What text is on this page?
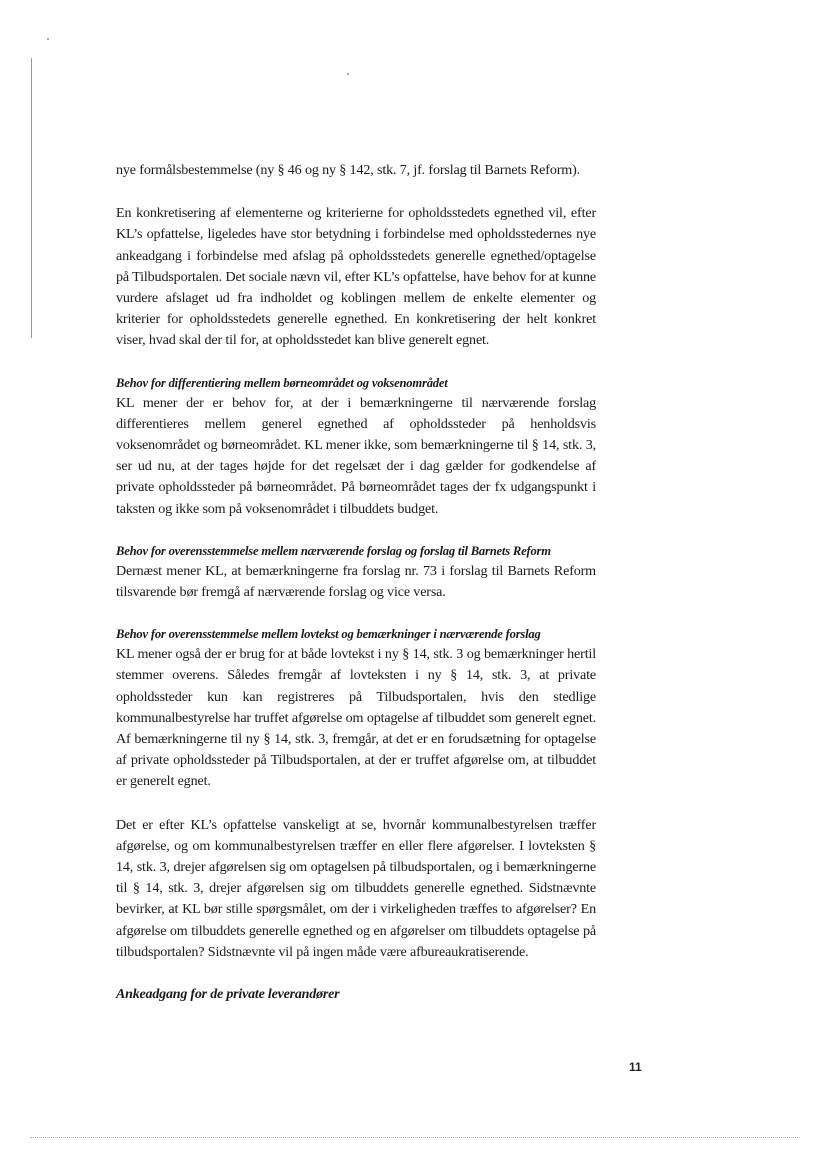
nye formålsbestemmelse (ny § 46 og ny § 142, stk. 7, jf. forslag til Barnets Reform).

En konkretisering af elementerne og kriterierne for opholdsstedets egnethed vil, efter KL’s opfattelse, ligeledes have stor betydning i forbindelse med opholdsstedernes nye ankeadgang i forbindelse med afslag på opholdsstedets generelle egnethed/optagelse på Tilbudsportalen. Det sociale nævn vil, efter KL’s opfattelse, have behov for at kunne vurdere afslaget ud fra indholdet og koblingen mellem de enkelte elementer og kriterier for opholdsstedets generelle egnethed. En konkretisering der helt konkret viser, hvad skal der til for, at opholdsstedet kan blive generelt egnet.

Behov for differentiering mellem børneområdet og voksenområdet

KL mener der er behov for, at der i bemærkningerne til nærværende forslag differentieres mellem generel egnethed af opholdssteder på henholdsvis voksenområdet og børneområdet. KL mener ikke, som bemærkningerne til § 14, stk. 3, ser ud nu, at der tages højde for det regelsæt der i dag gælder for godkendelse af private opholdssteder på børneområdet. På børneområdet tages der fx udgangspunkt i taksten og ikke som på voksenområdet i tilbuddets budget.

Behov for overensstemmelse mellem nærværende forslag og forslag til Barnets Reform

Dernæst mener KL, at bemærkningerne fra forslag nr. 73 i forslag til Barnets Reform tilsvarende bør fremgå af nærværende forslag og vice versa.

Behov for overensstemmelse mellem lovtekst og bemærkninger i nærværende forslag

KL mener også der er brug for at både lovtekst i ny § 14, stk. 3 og bemærkninger hertil stemmer overens. Således fremgår af lovteksten i ny § 14, stk. 3, at private opholdssteder kun kan registreres på Tilbudsportalen, hvis den stedlige kommunalbestyrelse har truffet afgørelse om optagelse af tilbuddet som generelt egnet. Af bemærkningerne til ny § 14, stk. 3, fremgår, at det er en forudsætning for optagelse af private opholdssteder på Tilbudsportalen, at der er truffet afgørelse om, at tilbuddet er generelt egnet.

Det er efter KL’s opfattelse vanskeligt at se, hvornår kommunalbestyrelsen træffer afgørelse, og om kommunalbestyrelsen træffer en eller flere afgørelser. I lovteksten § 14, stk. 3, drejer afgørelsen sig om optagelsen på tilbudsportalen, og i bemærkningerne til § 14, stk. 3, drejer afgørelsen sig om tilbuddets generelle egnethed. Sidstnævnte bevirker, at KL bør stille spørgsmålet, om der i virkeligheden træffes to afgørelser? En afgørelse om tilbuddets generelle egnethed og en afgørelser om tilbuddets optagelse på tilbudsportalen? Sidstnævnte vil på ingen måde være afbureaukratiserende.

Ankeadgang for de private leverandører

11
